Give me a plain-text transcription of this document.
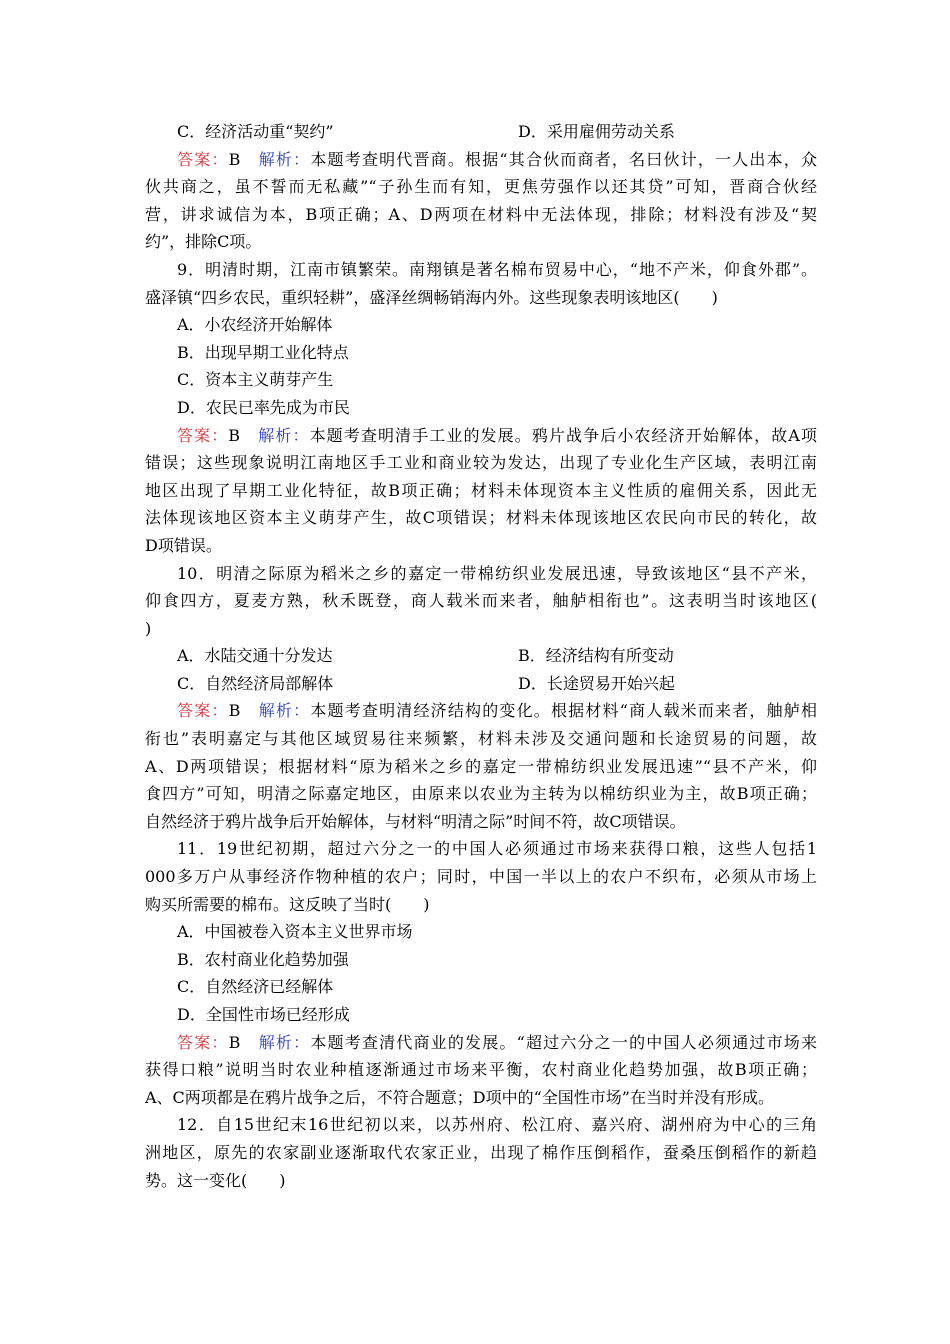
C．经济活动重“契约”	D．采用雇佣劳动关系
答案：B　 解析：本题考查明代晋商。根据“其合伙而商者，名曰伙计，一人出本，众
伙共商之，虽不誓而无私藏”“子孙生而有知，更焦劳强作以还其贷”可知，晋商合伙经
营，讲求诚信为本，B项正确；A、D两项在材料中无法体现，排除；材料没有涉及“契
约”，排除C项。
9．明清时期，江南市镇繁荣。南翔镇是著名棉布贸易中心，“地不产米，仰食外郡”。
盛泽镇“四乡农民，重织轻耕”，盛泽丝绸畅销海内外。这些现象表明该地区(　　)
A．小农经济开始解体
B．出现早期工业化特点
C．资本主义萌芽产生
D．农民已率先成为市民
答案：B　 解析：本题考查明清手工业的发展。鸦片战争后小农经济开始解体，故A项
错误；这些现象说明江南地区手工业和商业较为发达，出现了专业化生产区域，表明江南
地区出现了早期工业化特征，故B项正确；材料未体现资本主义性质的雇佣关系，因此无
法体现该地区资本主义萌芽产生，故C项错误；材料未体现该地区农民向市民的转化，故
D项错误。
10．明清之际原为稻米之乡的嘉定一带棉纺织业发展迅速，导致该地区“县不产米，
仰食四方，夏麦方熟，秋禾既登，商人载米而来者，舳舻相衔也”。这表明当时该地区(
)
A．水陆交通十分发达	B．经济结构有所变动
C．自然经济局部解体	D．长途贸易开始兴起
答案：B　 解析：本题考查明清经济结构的变化。根据材料“商人载米而来者，舳舻相
衔也”表明嘉定与其他区域贸易往来频繁，材料未涉及交通问题和长途贸易的问题，故
A、D两项错误；根据材料“原为稻米之乡的嘉定一带棉纺织业发展迅速”“县不产米，仰
食四方”可知，明清之际嘉定地区，由原来以农业为主转为以棉纺织业为主，故B项正确；
自然经济于鸦片战争后开始解体，与材料“明清之际”时间不符，故C项错误。
11．19世纪初期，超过六分之一的中国人必须通过市场来获得口粮，这些人包括1
000多万户从事经济作物种植的农户；同时，中国一半以上的农户不织布，必须从市场上
购买所需要的棉布。这反映了当时(　　)
A．中国被卷入资本主义世界市场
B．农村商业化趋势加强
C．自然经济已经解体
D．全国性市场已经形成
答案：B　 解析：本题考查清代商业的发展。“超过六分之一的中国人必须通过市场来
获得口粮”说明当时农业种植逐渐通过市场来平衡，农村商业化趋势加强，故B项正确；
A、C两项都是在鸦片战争之后，不符合题意；D项中的“全国性市场”在当时并没有形成。
12．自15世纪末16世纪初以来，以苏州府、松江府、嘉兴府、湖州府为中心的三角
洲地区，原先的农家副业逐渐取代农家正业，出现了棉作压倒稻作，蚕桑压倒稻作的新趋
势。这一变化(　　)
